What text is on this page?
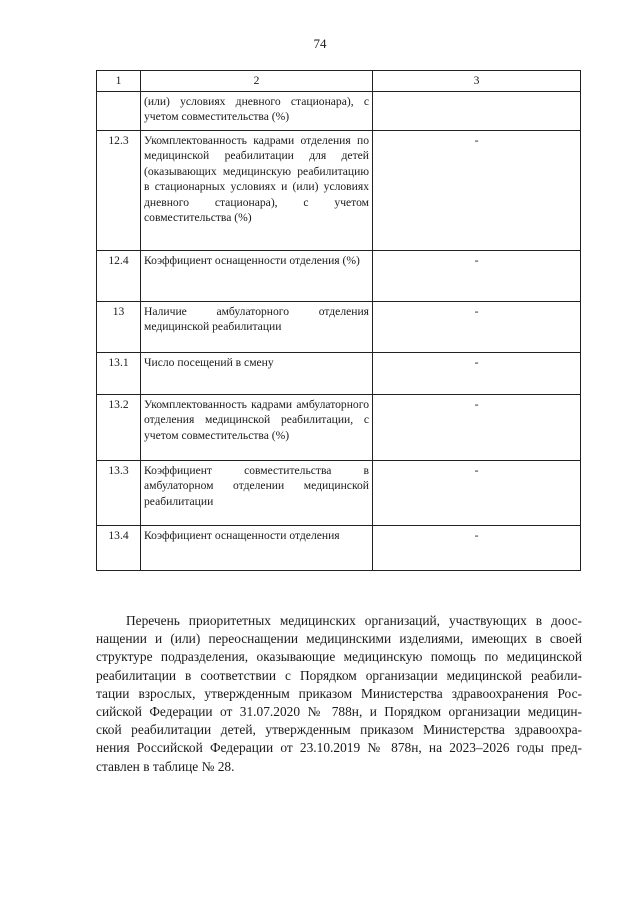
74
1	2	3
	(или) условиях дневного стационара), с учетом совместительства (%)	
12.3	Укомплектованность кадрами отделения по медицинской реабилитации для детей (оказывающих медицинскую реабилитацию в стационарных условиях и (или) условиях дневного стационара), с учетом совместительства (%)	-
12.4	Коэффициент оснащенности отделения (%)	-
13	Наличие амбулаторного отделения медицинской реабилитации	-
13.1	Число посещений в смену	-
13.2	Укомплектованность кадрами амбулаторного отделения медицинской реабилитации, с учетом совместительства (%)	-
13.3	Коэффициент совместительства в амбулаторном отделении медицинской реабилитации	-
13.4	Коэффициент оснащенности отделения	-

Перечень приоритетных медицинских организаций, участвующих в доос-
нащении и (или) переоснащении медицинскими изделиями, имеющих в своей
структуре подразделения, оказывающие медицинскую помощь по медицинской
реабилитации в соответствии с Порядком организации медицинской реабили-
тации взрослых, утвержденным приказом Министерства здравоохранения Рос-
сийской Федерации от 31.07.2020 № 788н, и Порядком организации медицин-
ской реабилитации детей, утвержденным приказом Министерства здравоохра-
нения Российской Федерации от 23.10.2019 № 878н, на 2023–2026 годы пред-
ставлен в таблице № 28.
